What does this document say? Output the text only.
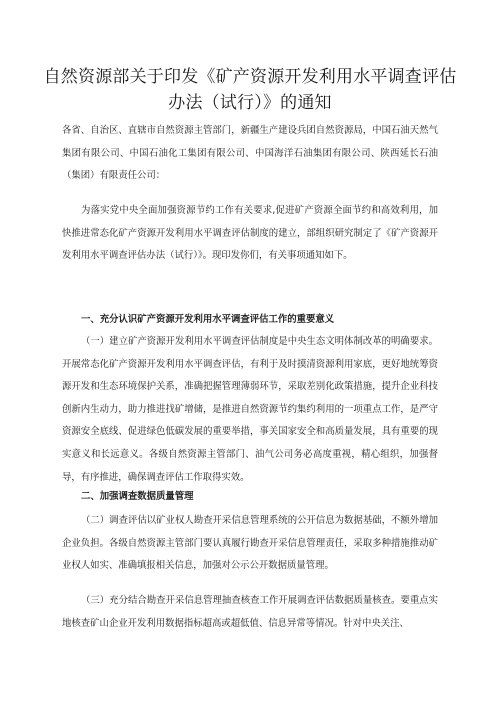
自然资源部关于印发《矿产资源开发利用水平调查评估办法（试行）》的通知
各省、自治区、直辖市自然资源主管部门，新疆生产建设兵团自然资源局，中国石油天然气集团有限公司、中国石油化工集团有限公司、中国海洋石油集团有限公司、陕西延长石油（集团）有限责任公司：
为落实党中央全面加强资源节约工作有关要求,促进矿产资源全面节约和高效利用，加快推进常态化矿产资源开发利用水平调查评估制度的建立，部组织研究制定了《矿产资源开发利用水平调查评估办法（试行）》。现印发你们，有关事项通知如下。
一、充分认识矿产资源开发利用水平调查评估工作的重要意义
（一）建立矿产资源开发利用水平调查评估制度是中央生态文明体制改革的明确要求。开展常态化矿产资源开发利用水平调查评估，有利于及时摸清资源利用家底，更好地统筹资源开发和生态环境保护关系，准确把握管理薄弱环节，采取差别化政策措施，提升企业科技创新内生动力，助力推进找矿增储，是推进自然资源节约集约利用的一项重点工作，是严守资源安全底线、促进绿色低碳发展的重要举措，事关国家安全和高质量发展，具有重要的现实意义和长远意义。各级自然资源主管部门、油气公司务必高度重视，精心组织，加强督导，有序推进，确保调查评估工作取得实效。
二、加强调查数据质量管理
（二）调查评估以矿业权人勘查开采信息管理系统的公开信息为数据基础，不额外增加企业负担。各级自然资源主管部门要认真履行勘查开采信息管理责任，采取多种措施推动矿业权人如实、准确填报相关信息，加强对公示公开数据质量管理。
（三）充分结合勘查开采信息管理抽查核查工作开展调查评估数据质量核查。要重点实地核查矿山企业开发利用数据指标超高或超低值、信息异常等情况。针对中央关注、
